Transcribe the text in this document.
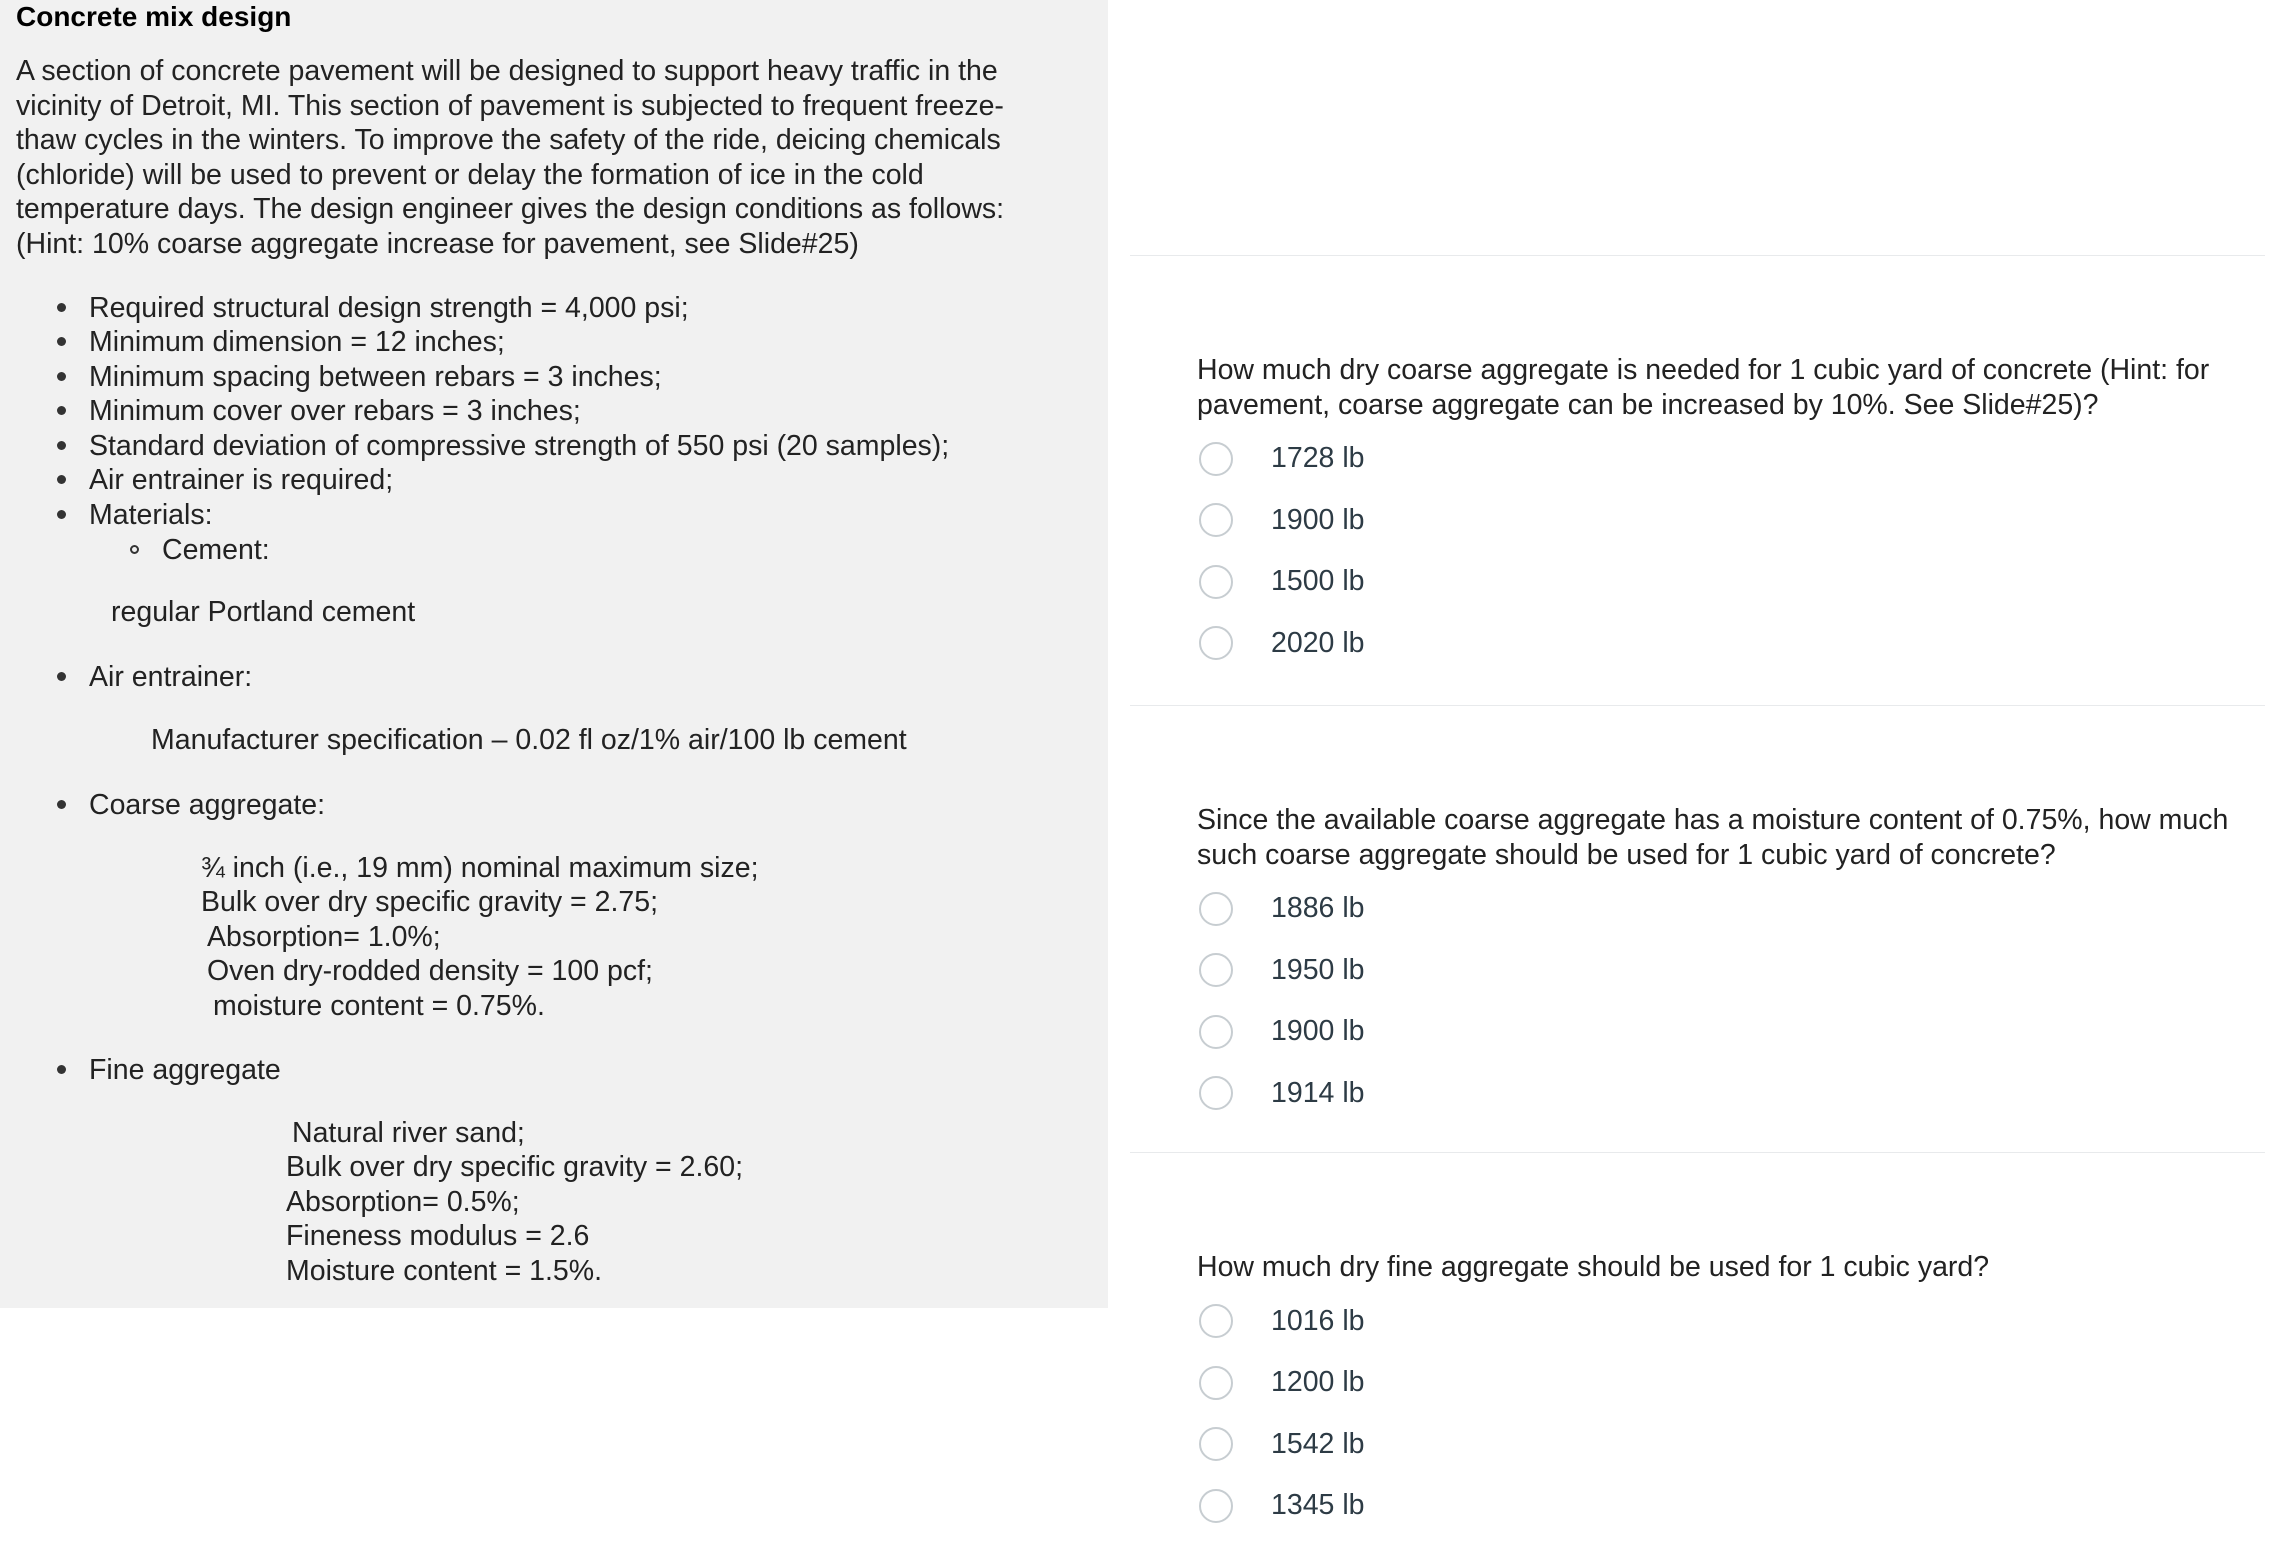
Concrete mix design

A section of concrete pavement will be designed to support heavy traffic in the vicinity of Detroit, MI. This section of pavement is subjected to frequent freeze-thaw cycles in the winters. To improve the safety of the ride, deicing chemicals (chloride) will be used to prevent or delay the formation of ice in the cold temperature days. The design engineer gives the design conditions as follows: (Hint: 10% coarse aggregate increase for pavement, see Slide#25)

Required structural design strength = 4,000 psi;
Minimum dimension = 12 inches;
Minimum spacing between rebars = 3 inches;
Minimum cover over rebars = 3 inches;
Standard deviation of compressive strength of 550 psi (20 samples);
Air entrainer is required;
Materials:
Cement:
regular Portland cement
Air entrainer:
Manufacturer specification – 0.02 fl oz/1% air/100 lb cement
Coarse aggregate:
¾ inch (i.e., 19 mm) nominal maximum size;
Bulk over dry specific gravity = 2.75;
Absorption= 1.0%;
Oven dry-rodded density = 100 pcf;
moisture content = 0.75%.
Fine aggregate
Natural river sand;
Bulk over dry specific gravity = 2.60;
Absorption= 0.5%;
Fineness modulus = 2.6
Moisture content = 1.5%.

How much dry coarse aggregate is needed for 1 cubic yard of concrete (Hint: for pavement, coarse aggregate can be increased by 10%. See Slide#25)?

1728 lb
1900 lb
1500 lb
2020 lb

Since the available coarse aggregate has a moisture content of 0.75%, how much such coarse aggregate should be used for 1 cubic yard of concrete?

1886 lb
1950 lb
1900 lb
1914 lb

How much dry fine aggregate should be used for 1 cubic yard?

1016 lb
1200 lb
1542 lb
1345 lb
